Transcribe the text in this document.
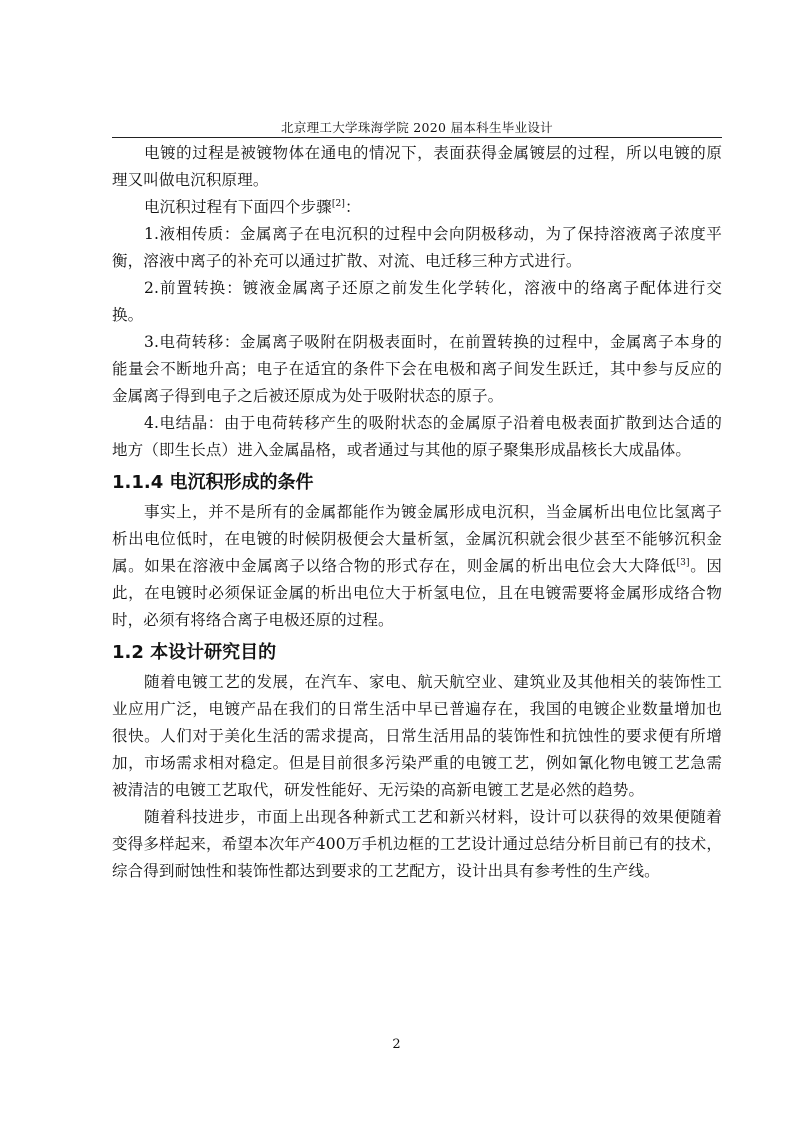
北京理工大学珠海学院 2020 届本科生毕业设计

电镀的过程是被镀物体在通电的情况下，表面获得金属镀层的过程，所以电镀的原理又叫做电沉积原理。

电沉积过程有下面四个步骤[2]：

1.液相传质：金属离子在电沉积的过程中会向阴极移动，为了保持溶液离子浓度平衡，溶液中离子的补充可以通过扩散、对流、电迁移三种方式进行。

2.前置转换：镀液金属离子还原之前发生化学转化，溶液中的络离子配体进行交换。

3.电荷转移：金属离子吸附在阴极表面时，在前置转换的过程中，金属离子本身的能量会不断地升高；电子在适宜的条件下会在电极和离子间发生跃迁，其中参与反应的金属离子得到电子之后被还原成为处于吸附状态的原子。

4.电结晶：由于电荷转移产生的吸附状态的金属原子沿着电极表面扩散到达合适的地方（即生长点）进入金属晶格，或者通过与其他的原子聚集形成晶核长大成晶体。

1.1.4 电沉积形成的条件

事实上，并不是所有的金属都能作为镀金属形成电沉积，当金属析出电位比氢离子析出电位低时，在电镀的时候阴极便会大量析氢，金属沉积就会很少甚至不能够沉积金属。如果在溶液中金属离子以络合物的形式存在，则金属的析出电位会大大降低[3]。因此，在电镀时必须保证金属的析出电位大于析氢电位，且在电镀需要将金属形成络合物时，必须有将络合离子电极还原的过程。

1.2 本设计研究目的

随着电镀工艺的发展，在汽车、家电、航天航空业、建筑业及其他相关的装饰性工业应用广泛，电镀产品在我们的日常生活中早已普遍存在，我国的电镀企业数量增加也很快。人们对于美化生活的需求提高，日常生活用品的装饰性和抗蚀性的要求便有所增加，市场需求相对稳定。但是目前很多污染严重的电镀工艺，例如氰化物电镀工艺急需被清洁的电镀工艺取代，研发性能好、无污染的高新电镀工艺是必然的趋势。

随着科技进步，市面上出现各种新式工艺和新兴材料，设计可以获得的效果便随着变得多样起来，希望本次年产400万手机边框的工艺设计通过总结分析目前已有的技术，综合得到耐蚀性和装饰性都达到要求的工艺配方，设计出具有参考性的生产线。

2
